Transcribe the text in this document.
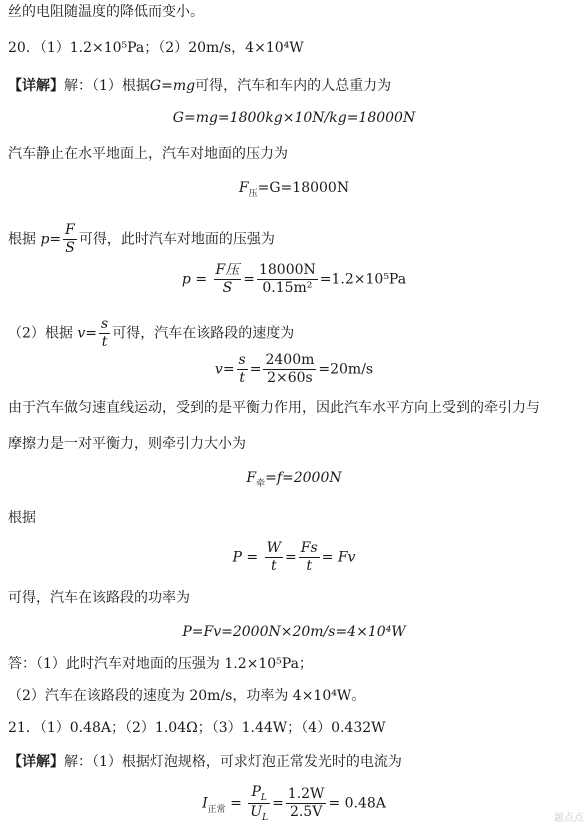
丝的电阻随温度的降低而变小。
20．（1）1.2×10⁵Pa；（2）20m/s，4×10⁴W
【详解】解：（1）根据G=mg可得，汽车和车内的人总重力为
G=mg=1800kg×10N/kg=18000N
汽车静止在水平地面上，汽车对地面的压力为
$F_压=G=18000N$
根据 $p= \frac{F}{S}$ 可得，此时汽车对地面的压强为
$p = \frac{\text{F压}}{S} = \frac{18000N}{\text{0.15m²}} =1.2\times 10^5Pa$
（2）根据 $v= \frac{s}{t}$ 可得，汽车在该路段的速度为
$v= \frac{s}{t} = \frac{2400m}{2\times 60s} =20m/s$
由于汽车做匀速直线运动，受到的是平衡力作用，因此汽车水平方向上受到的牵引力与
摩擦力是一对平衡力，则牵引力大小为
$F_牵=f=2000N$
根据
$P = \frac{W}{t} = \frac{Fs}{t} = Fv$
可得，汽车在该路段的功率为
P=Fv=2000N×20m/s=4×10⁴W
答：（1）此时汽车对地面的压强为 1.2×10⁵Pa；
（2）汽车在该路段的速度为 20m/s，功率为 4×10⁴W。
21．（1）0.48A；（2）1.04Ω；（3）1.44W；（4）0.432W
【详解】解：（1）根据灯泡规格，可求灯泡正常发光时的电流为
$I_{正常} = \frac{P_L}{U_L} = \frac{1.2W}{2.5V} = 0.48A$
题点点
